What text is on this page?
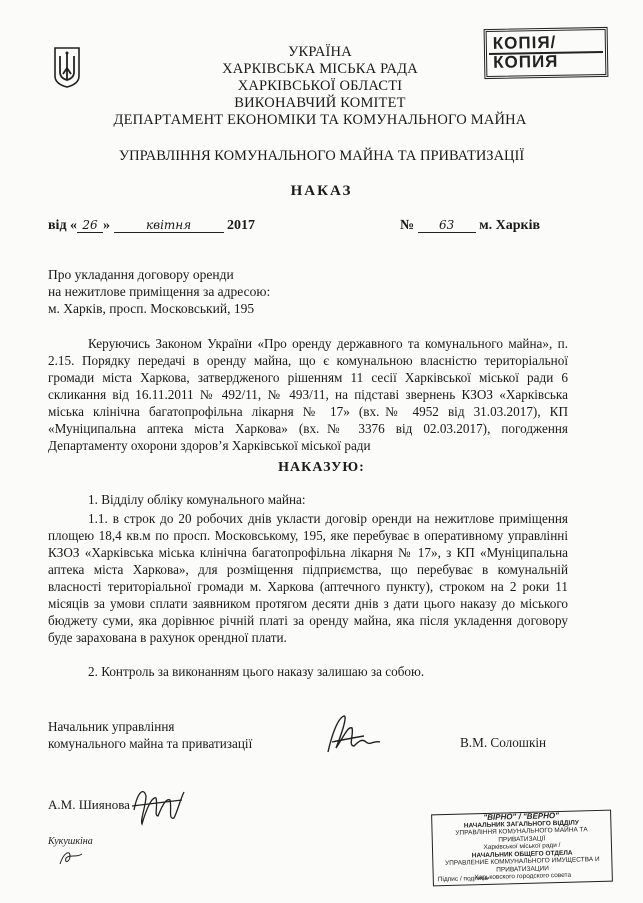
УКРАЇНА
ХАРКІВСЬКА МІСЬКА РАДА
ХАРКІВСЬКОЇ ОБЛАСТІ
ВИКОНАВЧИЙ КОМІТЕТ
ДЕПАРТАМЕНТ ЕКОНОМІКИ ТА КОМУНАЛЬНОГО МАЙНА
КОПІЯ/
КОПИЯ
УПРАВЛІННЯ КОМУНАЛЬНОГО МАЙНА ТА ПРИВАТИЗАЦІЇ
НАКАЗ
від « 26 »	квітня	2017	№ 63 м. Харків
Про укладання договору оренди
на нежитлове приміщення за адресою:
м. Харків, просп. Московський, 195

Керуючись Законом України «Про оренду державного та комунального майна», п. 2.15. Порядку передачі в оренду майна, що є комунальною власністю територіальної громади міста Харкова, затвердженого рішенням 11 сесії Харківської міської ради 6 скликання від 16.11.2011 № 492/11, № 493/11, на підставі звернень КЗОЗ «Харківська міська клінічна багатопрофільна лікарня № 17» (вх.№ 4952 від 31.03.2017), КП «Муніципальна аптека міста Харкова» (вх.№ 3376 від 02.03.2017), погодження Департаменту охорони здоров’я Харківської міської ради

НАКАЗУЮ:

1. Відділу обліку комунального майна:

1.1. в строк до 20 робочих днів укласти договір оренди на нежитлове приміщення площею 18,4 кв.м по просп. Московському, 195, яке перебуває в оперативному управлінні КЗОЗ «Харківська міська клінічна багатопрофільна лікарня № 17», з КП «Муніципальна аптека міста Харкова», для розміщення підприємства, що перебуває в комунальній власності територіальної громади м. Харкова (аптечного пункту), строком на 2 роки 11 місяців за умови сплати заявником протягом десяти днів з дати цього наказу до міського бюджету суми, яка дорівнює річній платі за оренду майна, яка після укладення договору буде зарахована в рахунок орендної плати.

2. Контроль за виконанням цього наказу залишаю за собою.

Начальник управління
комунального майна та приватизації	В.М. Солошкін
А.М. Шиянова
Кукушкіна
"ВІРНО" / "ВЕРНО"
НАЧАЛЬНИК ЗАГАЛЬНОГО ВІДДІЛУ
УПРАВЛІННЯ КОМУНАЛЬНОГО МАЙНА ТА ПРИВАТИЗАЦІЇ
Харківської міської ради /
НАЧАЛЬНИК ОБЩЕГО ОТДЕЛА
УПРАВЛЕНИЕ КОММУНАЛЬНОГО ИМУЩЕСТВА И ПРИВАТИЗАЦИИ
Харьковского городского совета
Підпис / подпись
